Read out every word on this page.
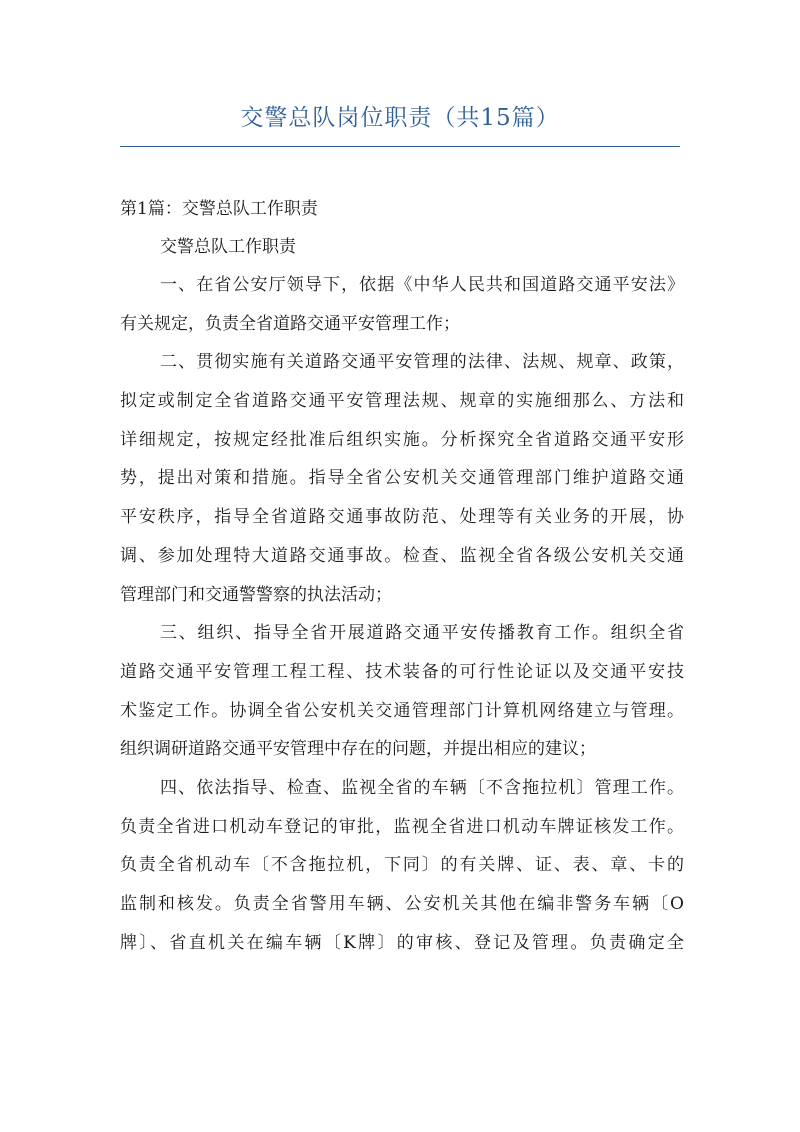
交警总队岗位职责（共15篇）

第1篇：交警总队工作职责

交警总队工作职责

一、在省公安厅领导下，依据《中华人民共和国道路交通平安法》
有关规定，负责全省道路交通平安管理工作；
二、贯彻实施有关道路交通平安管理的法律、法规、规章、政策，
拟定或制定全省道路交通平安管理法规、规章的实施细那么、方法和
详细规定，按规定经批准后组织实施。分析探究全省道路交通平安形
势，提出对策和措施。指导全省公安机关交通管理部门维护道路交通
平安秩序，指导全省道路交通事故防范、处理等有关业务的开展，协
调、参加处理特大道路交通事故。检查、监视全省各级公安机关交通
管理部门和交通警警察的执法活动；
三、组织、指导全省开展道路交通平安传播教育工作。组织全省
道路交通平安管理工程工程、技术装备的可行性论证以及交通平安技
术鉴定工作。协调全省公安机关交通管理部门计算机网络建立与管理。
组织调研道路交通平安管理中存在的问题，并提出相应的建议；
四、依法指导、检查、监视全省的车辆〔不含拖拉机〕管理工作。
负责全省进口机动车登记的审批，监视全省进口机动车牌证核发工作。
负责全省机动车〔不含拖拉机，下同〕的有关牌、证、表、章、卡的
监制和核发。负责全省警用车辆、公安机关其他在编非警务车辆〔O
牌〕、省直机关在编车辆〔K牌〕的审核、登记及管理。负责确定全
